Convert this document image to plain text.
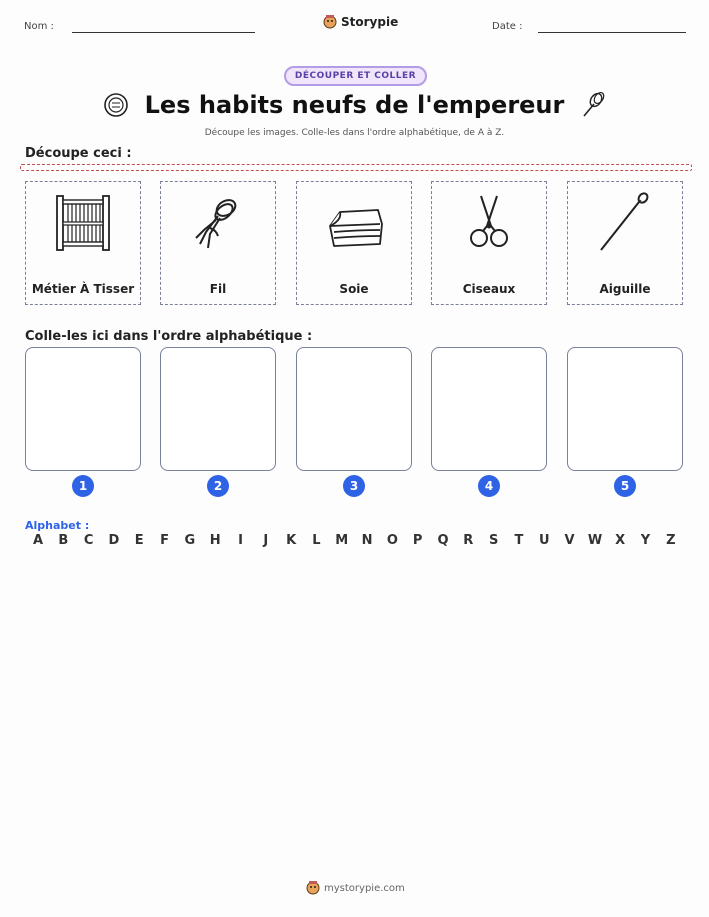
Nom :	Storypie	Date :
DÉCOUPER ET COLLER
Les habits neufs de l'empereur
Découpe les images. Colle-les dans l'ordre alphabétique, de A à Z.
Découpe ceci :
Métier À Tisser	Fil	Soie	Ciseaux	Aiguille
Colle-les ici dans l'ordre alphabétique :
1	2	3	4	5
Alphabet :
A B C D E F G H	I	J	K L M N O P Q R S T U V W X Y Z
mystorypie.com
